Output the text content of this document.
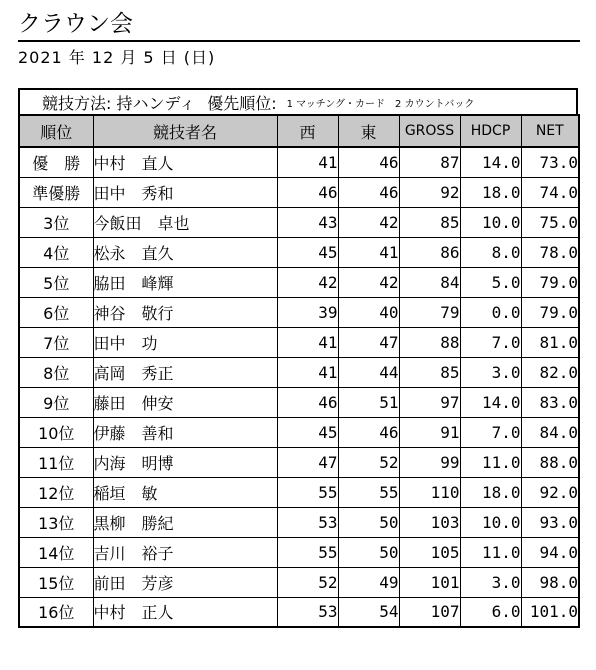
クラウン会
2021 年 12 月 5 日 (日)
競技方法: 持ハンディ 優先順位: 1 マッチング・カード　2 カウントバック
順位	競技者名	西	東	GROSS	HDCP	NET
優　勝	中村　直人	41	46	87	14.0	73.0
準優勝	田中　秀和	46	46	92	18.0	74.0
3位	今飯田　卓也	43	42	85	10.0	75.0
4位	松永　直久	45	41	86	8.0	78.0
5位	脇田　峰輝	42	42	84	5.0	79.0
6位	神谷　敬行	39	40	79	0.0	79.0
7位	田中　功	41	47	88	7.0	81.0
8位	高岡　秀正	41	44	85	3.0	82.0
9位	藤田　伸安	46	51	97	14.0	83.0
10位	伊藤　善和	45	46	91	7.0	84.0
11位	内海　明博	47	52	99	11.0	88.0
12位	稲垣　敏	55	55	110	18.0	92.0
13位	黒柳　勝紀	53	50	103	10.0	93.0
14位	吉川　裕子	55	50	105	11.0	94.0
15位	前田　芳彦	52	49	101	3.0	98.0
16位	中村　正人	53	54	107	6.0	101.0
